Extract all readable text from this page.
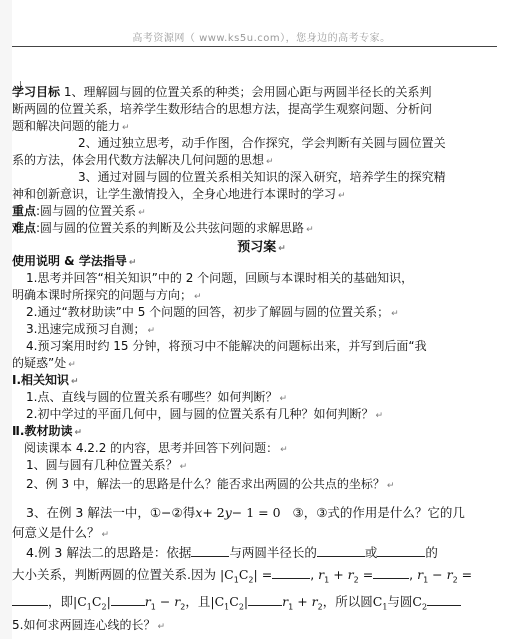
高考资源网（ www.ks5u.com），您身边的高考专家。
学习目标 1、理解圆与圆的位置关系的种类；会用圆心距与两圆半径长的关系判
断两圆的位置关系，培养学生数形结合的思想方法，提高学生观察问题、分析问
题和解决问题的能力 ↵
2、通过独立思考，动手作图，合作探究，学会判断有关圆与圆位置关
系的方法，体会用代数方法解决几何问题的思想 ↵
3、通过对圆与圆的位置关系相关知识的深入研究，培养学生的探究精
神和创新意识，让学生激情投入，全身心地进行本课时的学习 ↵
重点:圆与圆的位置关系 ↵
难点:圆与圆的位置关系的判断及公共弦问题的求解思路 ↵
预习案 ↵
使用说明 & 学法指导 ↵
1.思考并回答“相关知识”中的 2 个问题，回顾与本课时相关的基础知识，
明确本课时所探究的问题与方向； ↵
2.通过“教材助读”中 5 个问题的回答，初步了解圆与圆的位置关系； ↵
3.迅速完成预习自测； ↵
4.预习案用时约 15 分钟，将预习中不能解决的问题标出来，并写到后面“我
的疑惑”处 ↵
Ⅰ.相关知识 ↵
1.点、直线与圆的位置关系有哪些？如何判断？ ↵
2.初中学过的平面几何中，圆与圆的位置关系有几种？如何判断？ ↵
Ⅱ.教材助读 ↵
阅读课本 4.2.2 的内容，思考并回答下列问题： ↵
1、圆与圆有几种位置关系？ ↵
2、例 3 中，解法一的思路是什么？能否求出两圆的公共点的坐标？ ↵
3、在例 3 解法一中，①−②得x+ 2y− 1 = 0 ③，③式的作用是什么？它的几
何意义是什么？ ↵
4.例 3 解法二的思路是：依据	与两圆半径长的	或	的
大小关系，判断两圆的位置关系.因为 $|C_1C_2|$ =	, $r_1 + r_2$ =	, $r_1 - r_2$ =
，即$|C_1C_2|$	$r_1 - r_2$，且$|C_1C_2|$	$r_1 + r_2$，所以圆$C_1$与圆$C_2$
5.如何求两圆连心线的长？ ↵
